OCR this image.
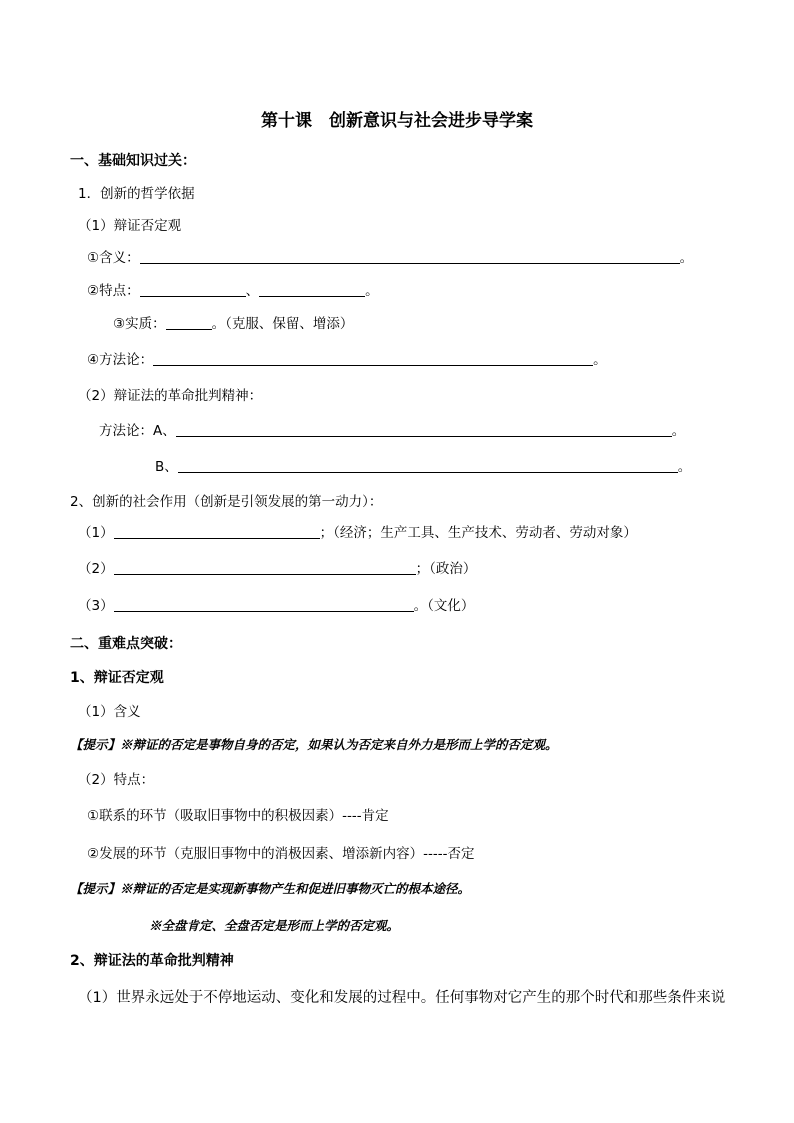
第十课　创新意识与社会进步导学案
一、基础知识过关：
1．创新的哲学依据
（1）辩证否定观
①含义：	。
②特点：	、	。
③实质：	。（克服、保留、增添）
④方法论：	。
（2）辩证法的革命批判精神：
方法论：A、	。
B、	。
2、创新的社会作用（创新是引领发展的第一动力）：
（1）	；（经济；生产工具、生产技术、劳动者、劳动对象）
（2）	；（政治）
（3）	。（文化）
二、重难点突破：
1、辩证否定观
（1）含义
【提示】※辩证的否定是事物自身的否定，如果认为否定来自外力是形而上学的否定观。
（2）特点：
①联系的环节（吸取旧事物中的积极因素）----肯定
②发展的环节（克服旧事物中的消极因素、增添新内容）-----否定
【提示】※辩证的否定是实现新事物产生和促进旧事物灭亡的根本途径。
※全盘肯定、全盘否定是形而上学的否定观。
2、辩证法的革命批判精神
（1）世界永远处于不停地运动、变化和发展的过程中。任何事物对它产生的那个时代和那些条件来说
